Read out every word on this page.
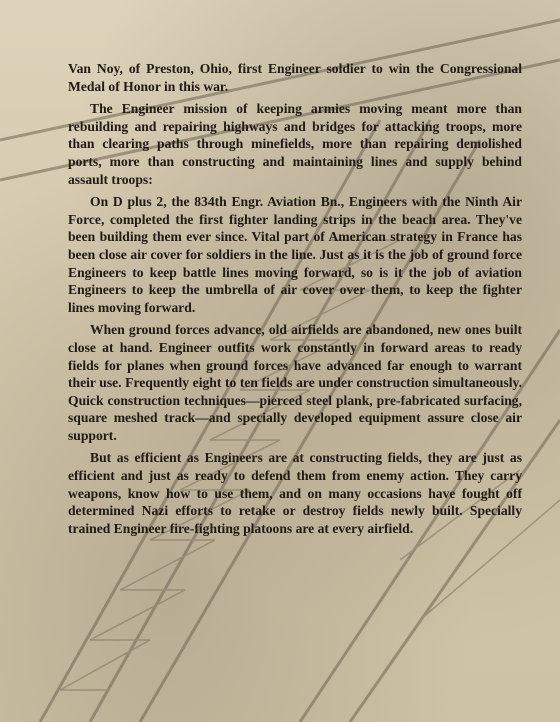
Van Noy, of Preston, Ohio, first Engineer soldier to win the Congressional Medal of Honor in this war.

The Engineer mission of keeping armies moving meant more than rebuilding and repairing highways and bridges for attacking troops, more than clearing paths through minefields, more than repairing demolished ports, more than constructing and maintaining lines and supply behind assault troops:

On D plus 2, the 834th Engr. Aviation Bn., Engineers with the Ninth Air Force, completed the first fighter landing strips in the beach area. They've been building them ever since. Vital part of American strategy in France has been close air cover for soldiers in the line. Just as it is the job of ground force Engineers to keep battle lines moving forward, so is it the job of aviation Engineers to keep the umbrella of air cover over them, to keep the fighter lines moving forward.

When ground forces advance, old airfields are abandoned, new ones built close at hand. Engineer outfits work constantly in forward areas to ready fields for planes when ground forces have advanced far enough to warrant their use. Frequently eight to ten fields are under construction simultaneously. Quick construction techniques—pierced steel plank, pre-fabricated surfacing, square meshed track—and specially developed equipment assure close air support.

But as efficient as Engineers are at constructing fields, they are just as efficient and just as ready to defend them from enemy action. They carry weapons, know how to use them, and on many occasions have fought off determined Nazi efforts to retake or destroy fields newly built. Specially trained Engineer fire-fighting platoons are at every airfield.
